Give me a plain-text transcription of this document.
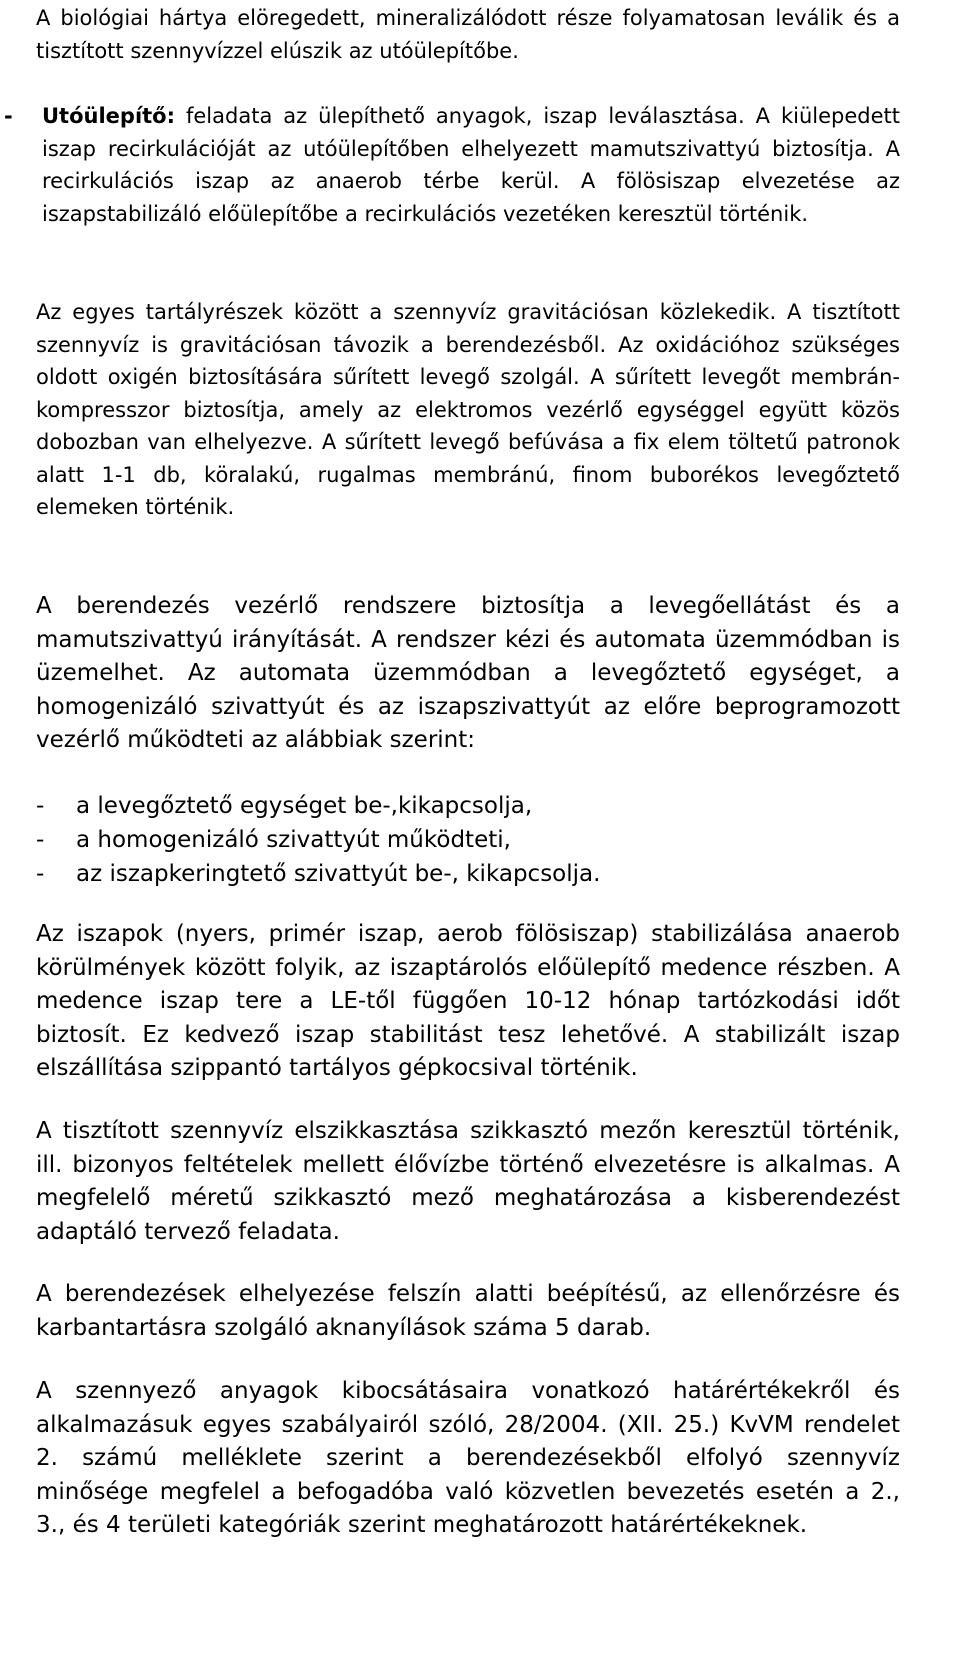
A biológiai hártya elöregedett, mineralizálódott része folyamatosan leválik és a tisztított szennyvízzel elúszik az utóülepítőbe.

- Utóülepítő: feladata az ülepíthető anyagok, iszap leválasztása. A kiülepedett iszap recirkulációját az utóülepítőben elhelyezett mamutszivattyú biztosítja. A recirkulációs iszap az anaerob térbe kerül. A fölösiszap elvezetése az iszapstabilizáló előülepítőbe a recirkulációs vezetéken keresztül történik.

Az egyes tartályrészek között a szennyvíz gravitációsan közlekedik. A tisztított szennyvíz is gravitációsan távozik a berendezésből. Az oxidációhoz szükséges oldott oxigén biztosítására sűrített levegő szolgál. A sűrített levegőt membrán-kompresszor biztosítja, amely az elektromos vezérlő egységgel együtt közös dobozban van elhelyezve. A sűrített levegő befúvása a fix elem töltetű patronok alatt 1-1 db, köralakú, rugalmas membránú, finom buborékos levegőztető elemeken történik.

A berendezés vezérlő rendszere biztosítja a levegőellátást és a mamutszivattyú irányítását. A rendszer kézi és automata üzemmódban is üzemelhet. Az automata üzemmódban a levegőztető egységet, a homogenizáló szivattyút és az iszapszivattyút az előre beprogramozott vezérlő működteti az alábbiak szerint:

- a levegőztető egységet be-,kikapcsolja,
- a homogenizáló szivattyút működteti,
- az iszapkeringtető szivattyút be-, kikapcsolja.

Az iszapok (nyers, primér iszap, aerob fölösiszap) stabilizálása anaerob körülmények között folyik, az iszaptárolós előülepítő medence részben. A medence iszap tere a LE-től függően 10-12 hónap tartózkodási időt biztosít. Ez kedvező iszap stabilitást tesz lehetővé. A stabilizált iszap elszállítása szippantó tartályos gépkocsival történik.

A tisztított szennyvíz elszikkasztása szikkasztó mezőn keresztül történik, ill. bizonyos feltételek mellett élővízbe történő elvezetésre is alkalmas. A megfelelő méretű szikkasztó mező meghatározása a kisberendezést adaptáló tervező feladata.

A berendezések elhelyezése felszín alatti beépítésű, az ellenőrzésre és karbantartásra szolgáló aknanyílások száma 5 darab.

A szennyező anyagok kibocsátásaira vonatkozó határértékekről és alkalmazásuk egyes szabályairól szóló, 28/2004. (XII. 25.) KvVM rendelet 2. számú melléklete szerint a berendezésekből elfolyó szennyvíz minősége megfelel a befogadóba való közvetlen bevezetés esetén a 2., 3., és 4 területi kategóriák szerint meghatározott határértékeknek.
